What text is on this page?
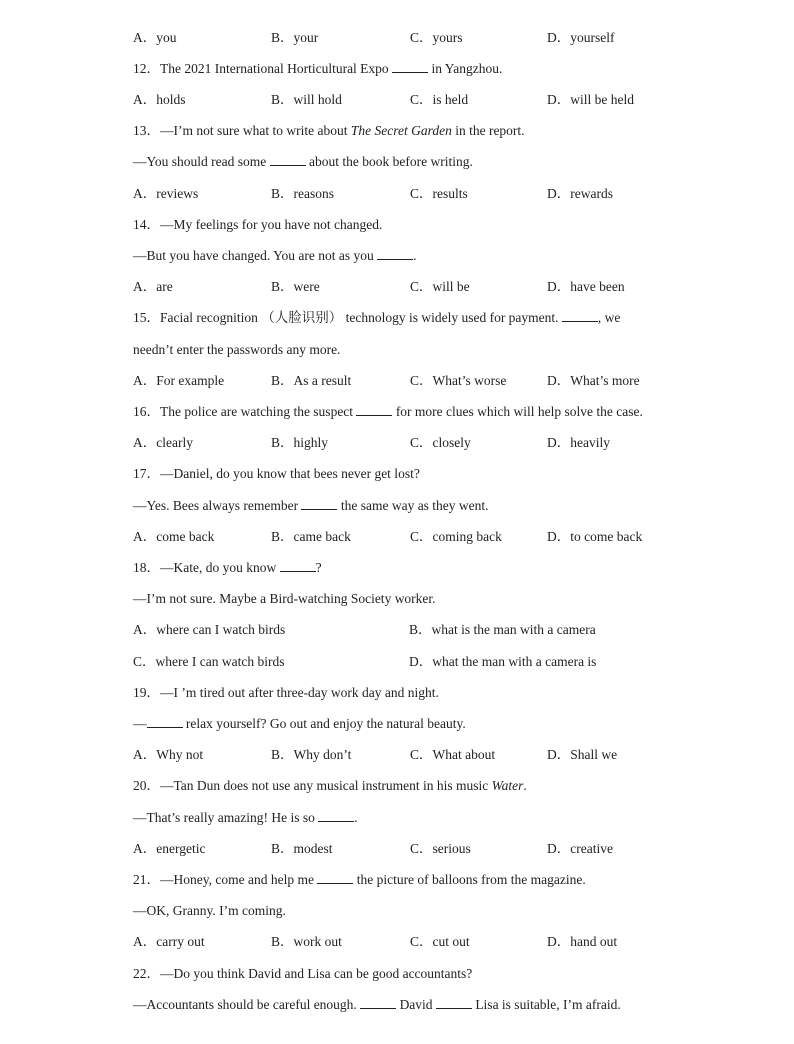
A．you	B．your	C．yours	D．yourself
12．The 2021 International Horticultural Expo	in Yangzhou.
A．holds	B．will hold	C．is held	D．will be held
13．—I’m not sure what to write about The Secret Garden in the report.
—You should read some	about the book before writing.
A．reviews	B．reasons	C．results	D．rewards
14．—My feelings for you have not changed.
—But you have changed. You are not as you	.
A．are	B．were	C．will be	D．have been
15．Facial recognition （人脸识别） technology is widely used for payment.	, we
needn’t enter the passwords any more.
A．For example	B．As a result	C．What’s worse	D．What’s more
16．The police are watching the suspect	for more clues which will help solve the case.
A．clearly	B．highly	C．closely	D．heavily
17．—Daniel, do you know that bees never get lost?
—Yes. Bees always remember	the same way as they went.
A．come back	B．came back	C．coming back	D．to come back
18．—Kate, do you know	?
—I’m not sure. Maybe a Bird-watching Society worker.
A．where can I watch birds	B．what is the man with a camera
C．where I can watch birds	D．what the man with a camera is
19．—I ’m tired out after three-day work day and night.
—	relax yourself? Go out and enjoy the natural beauty.
A．Why not	B．Why don’t	C．What about	D．Shall we
20．—Tan Dun does not use any musical instrument in his music Water.
—That’s really amazing! He is so	.
A．energetic	B．modest	C．serious	D．creative
21．—Honey, come and help me	the picture of balloons from the magazine.
—OK, Granny. I’m coming.
A．carry out	B．work out	C．cut out	D．hand out
22．—Do you think David and Lisa can be good accountants?
—Accountants should be careful enough.	David	Lisa is suitable, I’m afraid.
